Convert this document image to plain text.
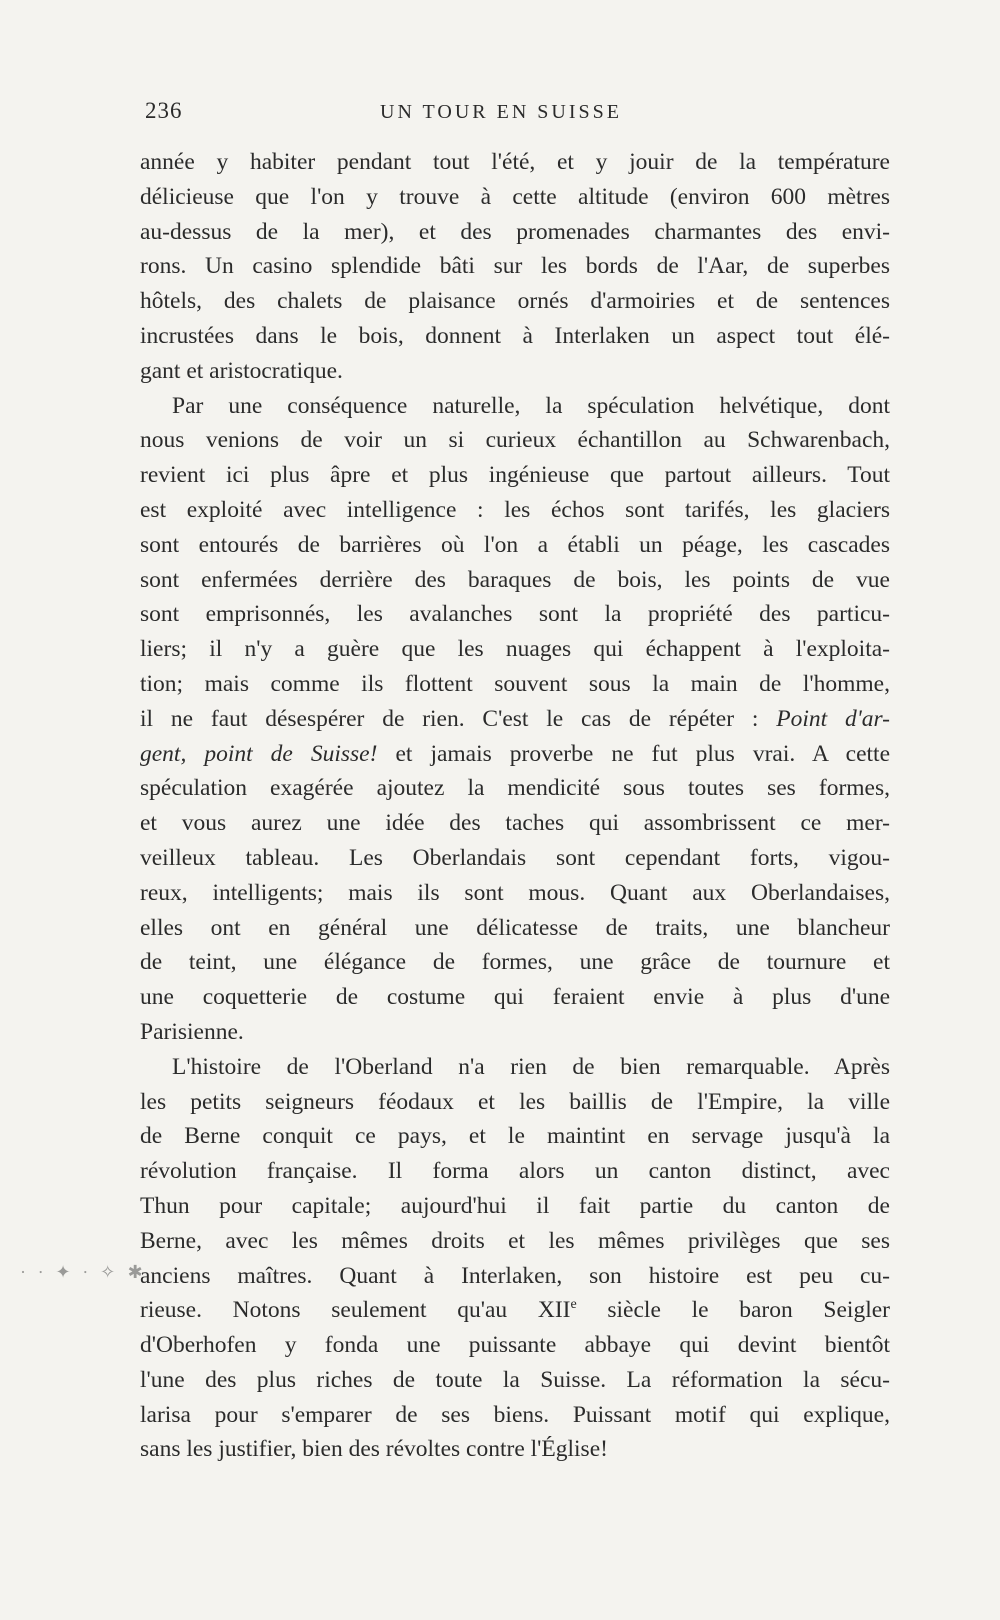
236	UN TOUR EN SUISSE
année y habiter pendant tout l'été, et y jouir de la température
délicieuse que l'on y trouve à cette altitude (environ 600 mètres
au-dessus de la mer), et des promenades charmantes des envi-
rons. Un casino splendide bâti sur les bords de l'Aar, de superbes
hôtels, des chalets de plaisance ornés d'armoiries et de sentences
incrustées dans le bois, donnent à Interlaken un aspect tout élé-
gant et aristocratique.
Par une conséquence naturelle, la spéculation helvétique, dont
nous venions de voir un si curieux échantillon au Schwarenbach,
revient ici plus âpre et plus ingénieuse que partout ailleurs. Tout
est exploité avec intelligence : les échos sont tarifés, les glaciers
sont entourés de barrières où l'on a établi un péage, les cascades
sont enfermées derrière des baraques de bois, les points de vue
sont emprisonnés, les avalanches sont la propriété des particu-
liers; il n'y a guère que les nuages qui échappent à l'exploita-
tion; mais comme ils flottent souvent sous la main de l'homme,
il ne faut désespérer de rien. C'est le cas de répéter : Point d'ar-
gent, point de Suisse! et jamais proverbe ne fut plus vrai. A cette
spéculation exagérée ajoutez la mendicité sous toutes ses formes,
et vous aurez une idée des taches qui assombrissent ce mer-
veilleux tableau. Les Oberlandais sont cependant forts, vigou-
reux, intelligents; mais ils sont mous. Quant aux Oberlandaises,
elles ont en général une délicatesse de traits, une blancheur
de teint, une élégance de formes, une grâce de tournure et
une coquetterie de costume qui feraient envie à plus d'une
Parisienne.
L'histoire de l'Oberland n'a rien de bien remarquable. Après
les petits seigneurs féodaux et les baillis de l'Empire, la ville
de Berne conquit ce pays, et le maintint en servage jusqu'à la
révolution française. Il forma alors un canton distinct, avec
Thun pour capitale; aujourd'hui il fait partie du canton de
Berne, avec les mêmes droits et les mêmes privilèges que ses
anciens maîtres. Quant à Interlaken, son histoire est peu cu-
rieuse. Notons seulement qu'au XIIe siècle le baron Seigler
d'Oberhofen y fonda une puissante abbaye qui devint bientôt
l'une des plus riches de toute la Suisse. La réformation la sécu-
larisa pour s'emparer de ses biens. Puissant motif qui explique,
sans les justifier, bien des révoltes contre l'Église!
· ∙ ✦ ∙ ✧ ✱
